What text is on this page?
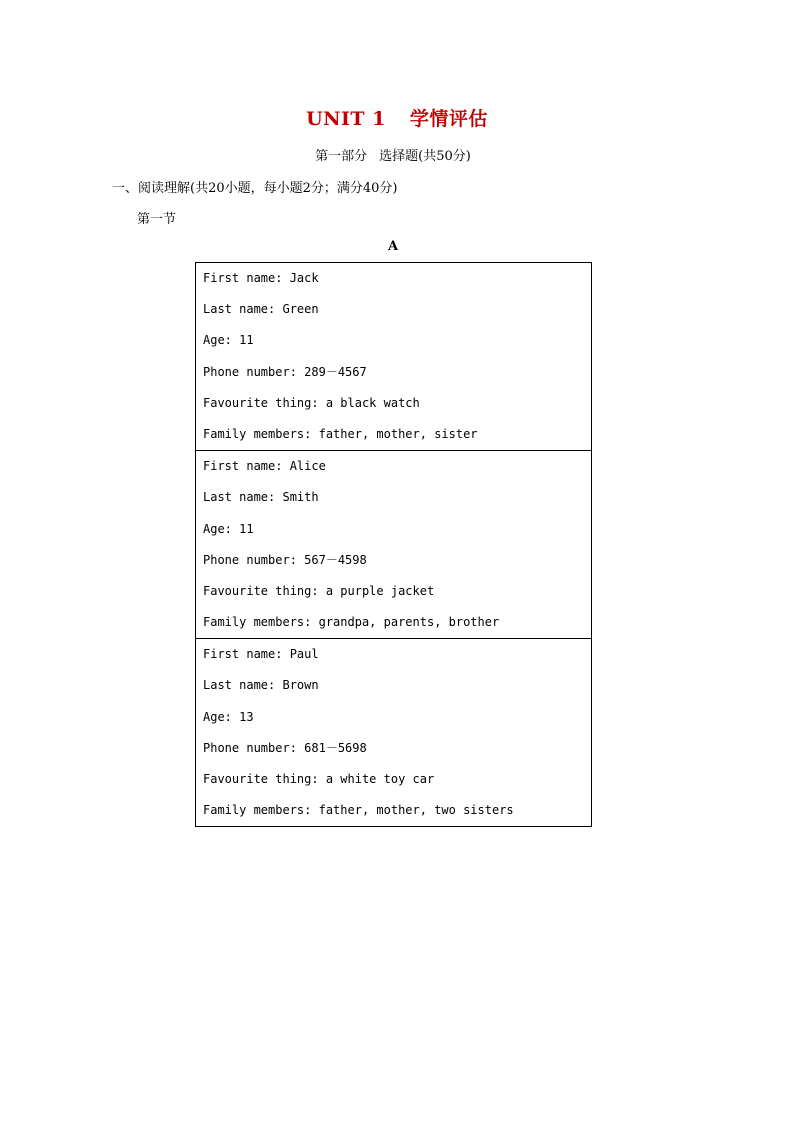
UNIT 1 学情评估
第一部分 选择题(共50分)
一、阅读理解(共20小题，每小题2分；满分40分)
第一节
A
First name: Jack
Last name: Green
Age: 11
Phone number: 289－4567
Favourite thing: a black watch
Family members: father, mother, sister
First name: Alice
Last name: Smith
Age: 11
Phone number: 567－4598
Favourite thing: a purple jacket
Family members: grandpa, parents, brother
First name: Paul
Last name: Brown
Age: 13
Phone number: 681－5698
Favourite thing: a white toy car
Family members: father, mother, two sisters
